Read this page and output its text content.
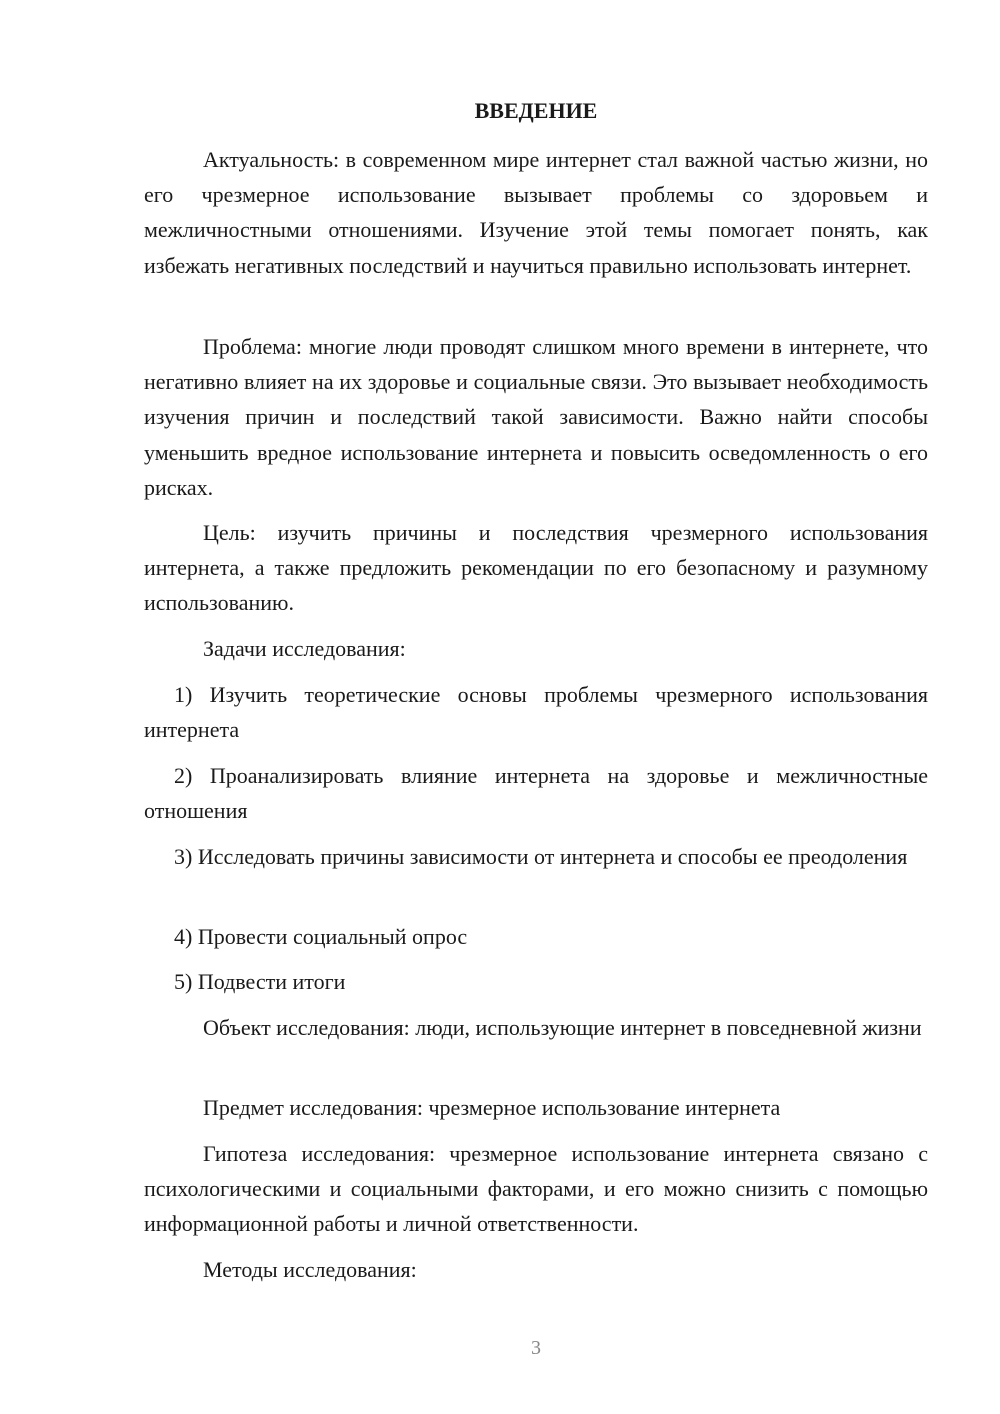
ВВЕДЕНИЕ

Актуальность: в современном мире интернет стал важной частью жизни, но его чрезмерное использование вызывает проблемы со здоровьем и межличностными отношениями. Изучение этой темы помогает понять, как избежать негативных последствий и научиться правильно использовать интернет.

Проблема: многие люди проводят слишком много времени в интернете, что негативно влияет на их здоровье и социальные связи. Это вызывает необходимость изучения причин и последствий такой зависимости. Важно найти способы уменьшить вредное использование интернета и повысить осведомленность о его рисках.

Цель: изучить причины и последствия чрезмерного использования интернета, а также предложить рекомендации по его безопасному и разумному использованию.

Задачи исследования:

1) Изучить теоретические основы проблемы чрезмерного использования интернета

2) Проанализировать влияние интернета на здоровье и межличностные отношения

3) Исследовать причины зависимости от интернета и способы ее преодоления

4) Провести социальный опрос

5) Подвести итоги

Объект исследования: люди, использующие интернет в повседневной жизни

Предмет исследования: чрезмерное использование интернета

Гипотеза исследования: чрезмерное использование интернета связано с психологическими и социальными факторами, и его можно снизить с помощью информационной работы и личной ответственности.

Методы исследования:

3
